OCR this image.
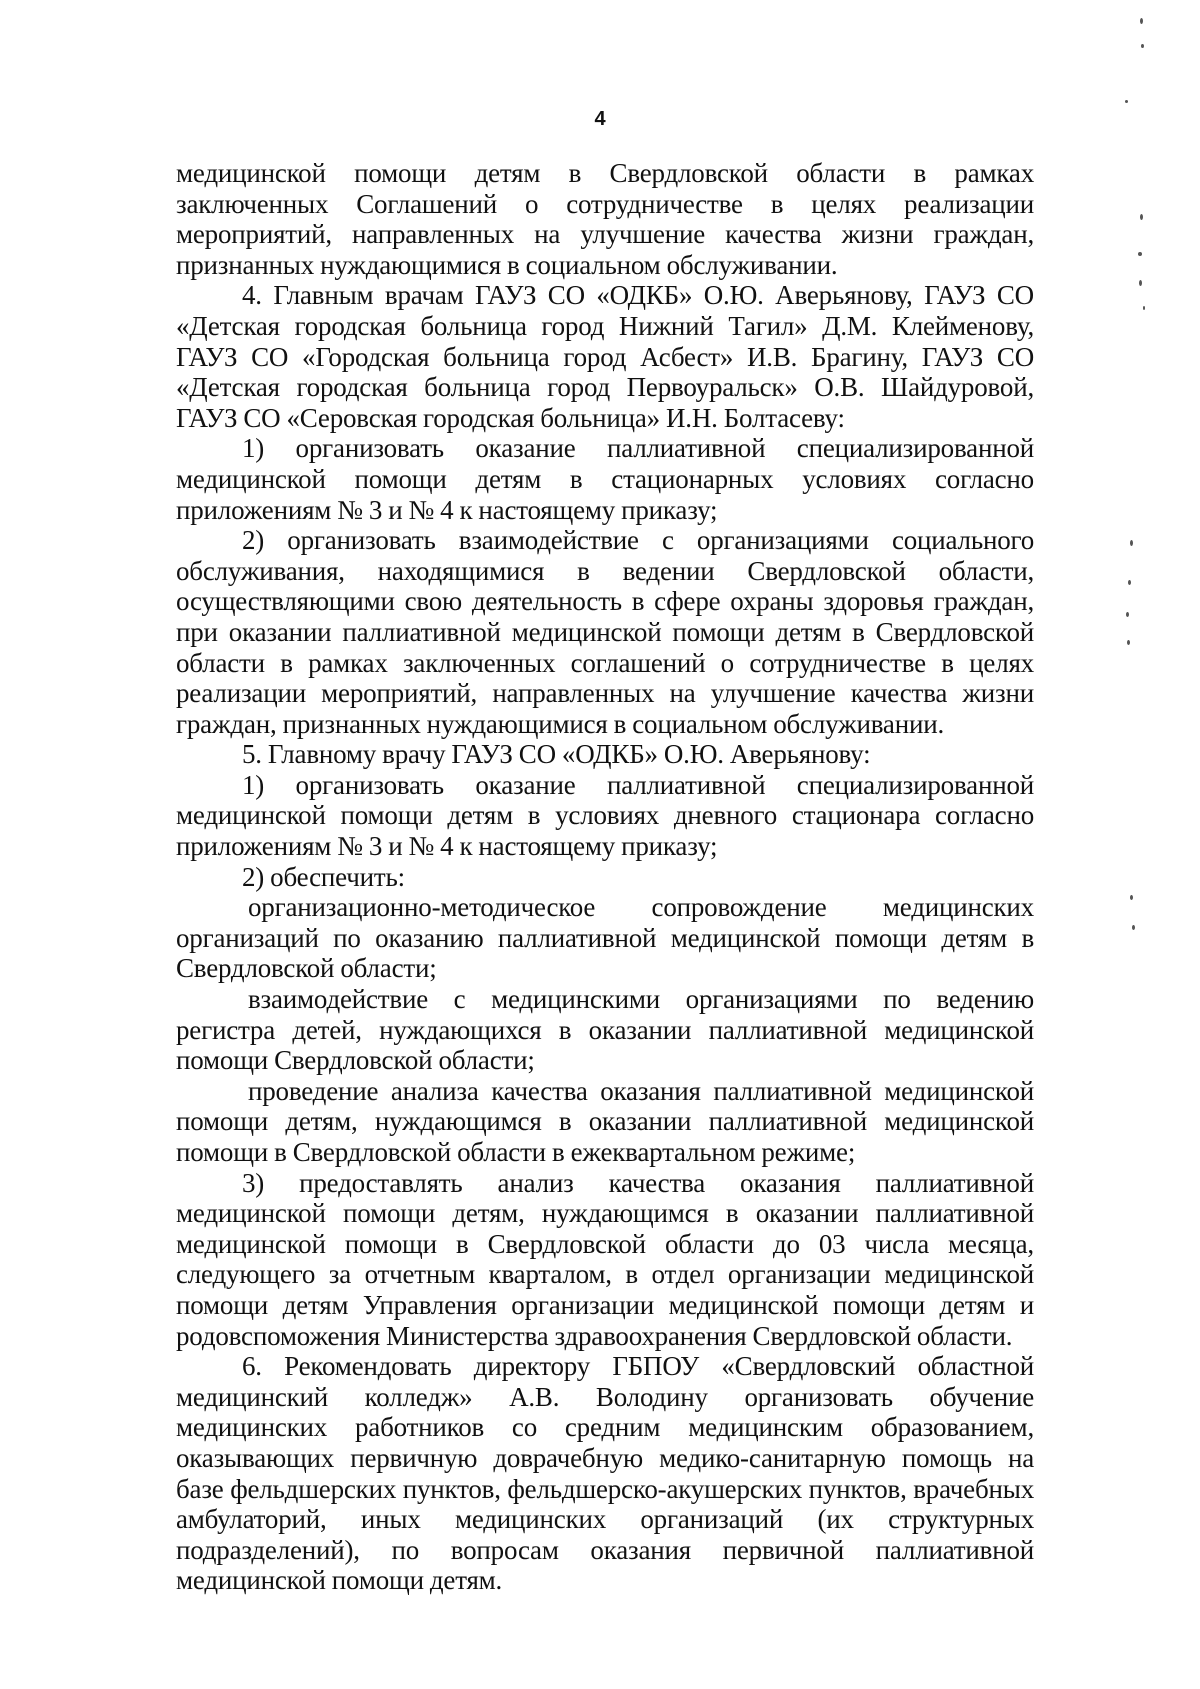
4

медицинской помощи детям в Свердловской области в рамках заключенных Соглашений о сотрудничестве в целях реализации мероприятий, направленных на улучшение качества жизни граждан, признанных нуждающимися в социальном обслуживании.

4. Главным врачам ГАУЗ СО «ОДКБ» О.Ю. Аверьянову, ГАУЗ СО «Детская городская больница город Нижний Тагил» Д.М. Клейменову, ГАУЗ СО «Городская больница город Асбест» И.В. Брагину, ГАУЗ СО «Детская городская больница город Первоуральск» О.В. Шайдуровой, ГАУЗ СО «Серовская городская больница» И.Н. Болтасеву:

1) организовать оказание паллиативной специализированной медицинской помощи детям в стационарных условиях согласно приложениям № 3 и № 4 к настоящему приказу;

2) организовать взаимодействие с организациями социального обслуживания, находящимися в ведении Свердловской области, осуществляющими свою деятельность в сфере охраны здоровья граждан, при оказании паллиативной медицинской помощи детям в Свердловской области в рамках заключенных соглашений о сотрудничестве в целях реализации мероприятий, направленных на улучшение качества жизни граждан, признанных нуждающимися в социальном обслуживании.

5. Главному врачу ГАУЗ СО «ОДКБ» О.Ю. Аверьянову:

1) организовать оказание паллиативной специализированной медицинской помощи детям в условиях дневного стационара согласно приложениям № 3 и № 4 к настоящему приказу;

2) обеспечить:

организационно-методическое сопровождение медицинских организаций по оказанию паллиативной медицинской помощи детям в Свердловской области;

взаимодействие с медицинскими организациями по ведению регистра детей, нуждающихся в оказании паллиативной медицинской помощи Свердловской области;

проведение анализа качества оказания паллиативной медицинской помощи детям, нуждающимся в оказании паллиативной медицинской помощи в Свердловской области в ежеквартальном режиме;

3) предоставлять анализ качества оказания паллиативной медицинской помощи детям, нуждающимся в оказании паллиативной медицинской помощи в Свердловской области до 03 числа месяца, следующего за отчетным кварталом, в отдел организации медицинской помощи детям Управления организации медицинской помощи детям и родовспоможения Министерства здравоохранения Свердловской области.

6. Рекомендовать директору ГБПОУ «Свердловский областной медицинский колледж» А.В. Володину организовать обучение медицинских работников со средним медицинским образованием, оказывающих первичную доврачебную медико-санитарную помощь на базе фельдшерских пунктов, фельдшерско-акушерских пунктов, врачебных амбулаторий, иных медицинских организаций (их структурных подразделений), по вопросам оказания первичной паллиативной медицинской помощи детям.
